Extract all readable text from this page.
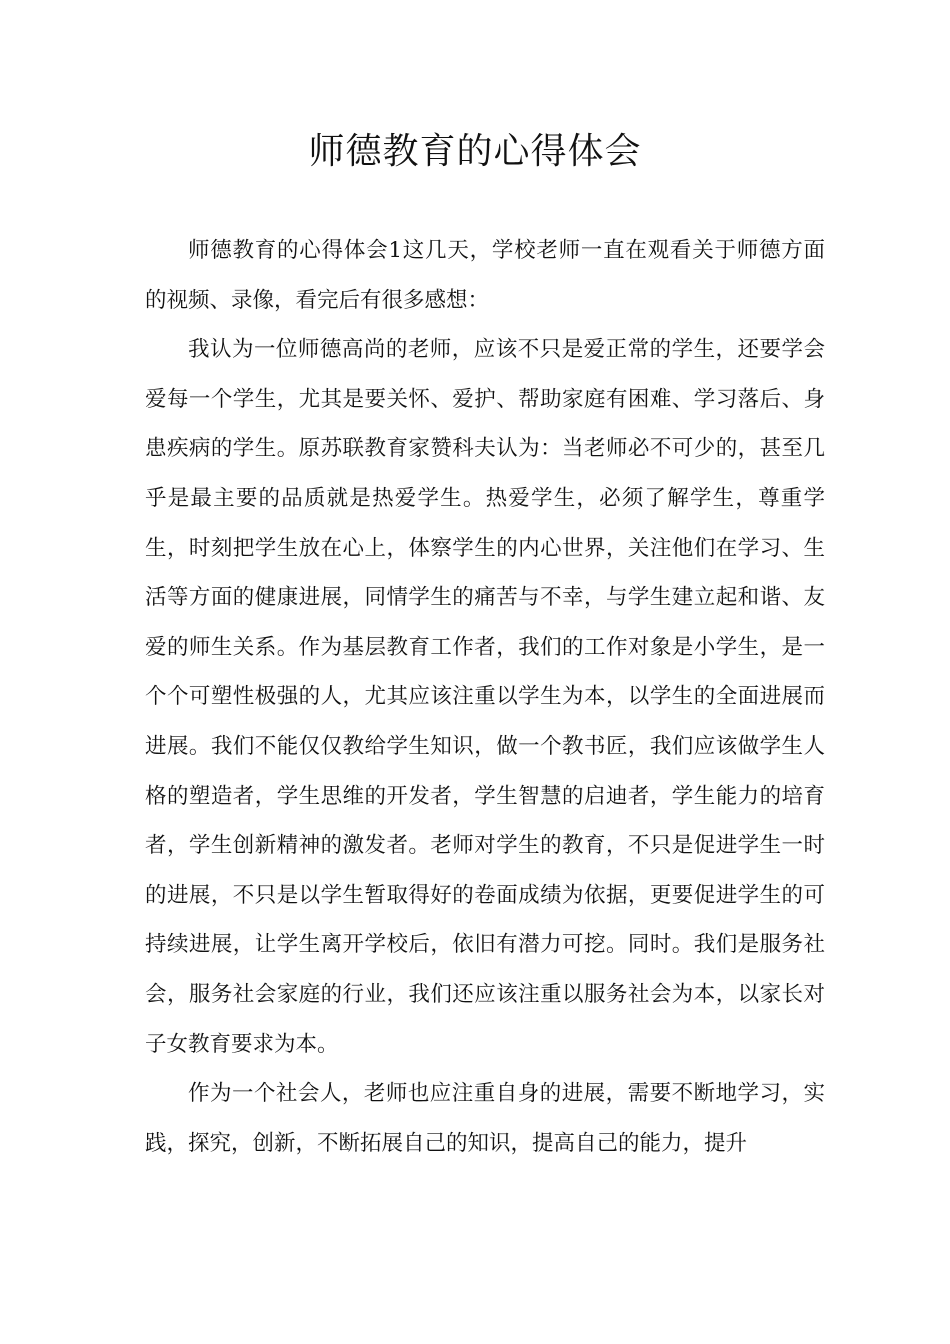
师德教育的心得体会

师德教育的心得体会1这几天，学校老师一直在观看关于师德方面的视频、录像，看完后有很多感想：

我认为一位师德高尚的老师，应该不只是爱正常的学生，还要学会爱每一个学生，尤其是要关怀、爱护、帮助家庭有困难、学习落后、身患疾病的学生。原苏联教育家赞科夫认为：当老师必不可少的，甚至几乎是最主要的品质就是热爱学生。热爱学生，必须了解学生，尊重学生，时刻把学生放在心上，体察学生的内心世界，关注他们在学习、生活等方面的健康进展，同情学生的痛苦与不幸，与学生建立起和谐、友爱的师生关系。作为基层教育工作者，我们的工作对象是小学生，是一个个可塑性极强的人，尤其应该注重以学生为本，以学生的全面进展而进展。我们不能仅仅教给学生知识，做一个教书匠，我们应该做学生人格的塑造者，学生思维的开发者，学生智慧的启迪者，学生能力的培育者，学生创新精神的激发者。老师对学生的教育，不只是促进学生一时的进展，不只是以学生暂取得好的卷面成绩为依据，更要促进学生的可持续进展，让学生离开学校后，依旧有潜力可挖。同时。我们是服务社会，服务社会家庭的行业，我们还应该注重以服务社会为本，以家长对子女教育要求为本。

作为一个社会人，老师也应注重自身的进展，需要不断地学习，实践，探究，创新，不断拓展自己的知识，提高自己的能力，提升
